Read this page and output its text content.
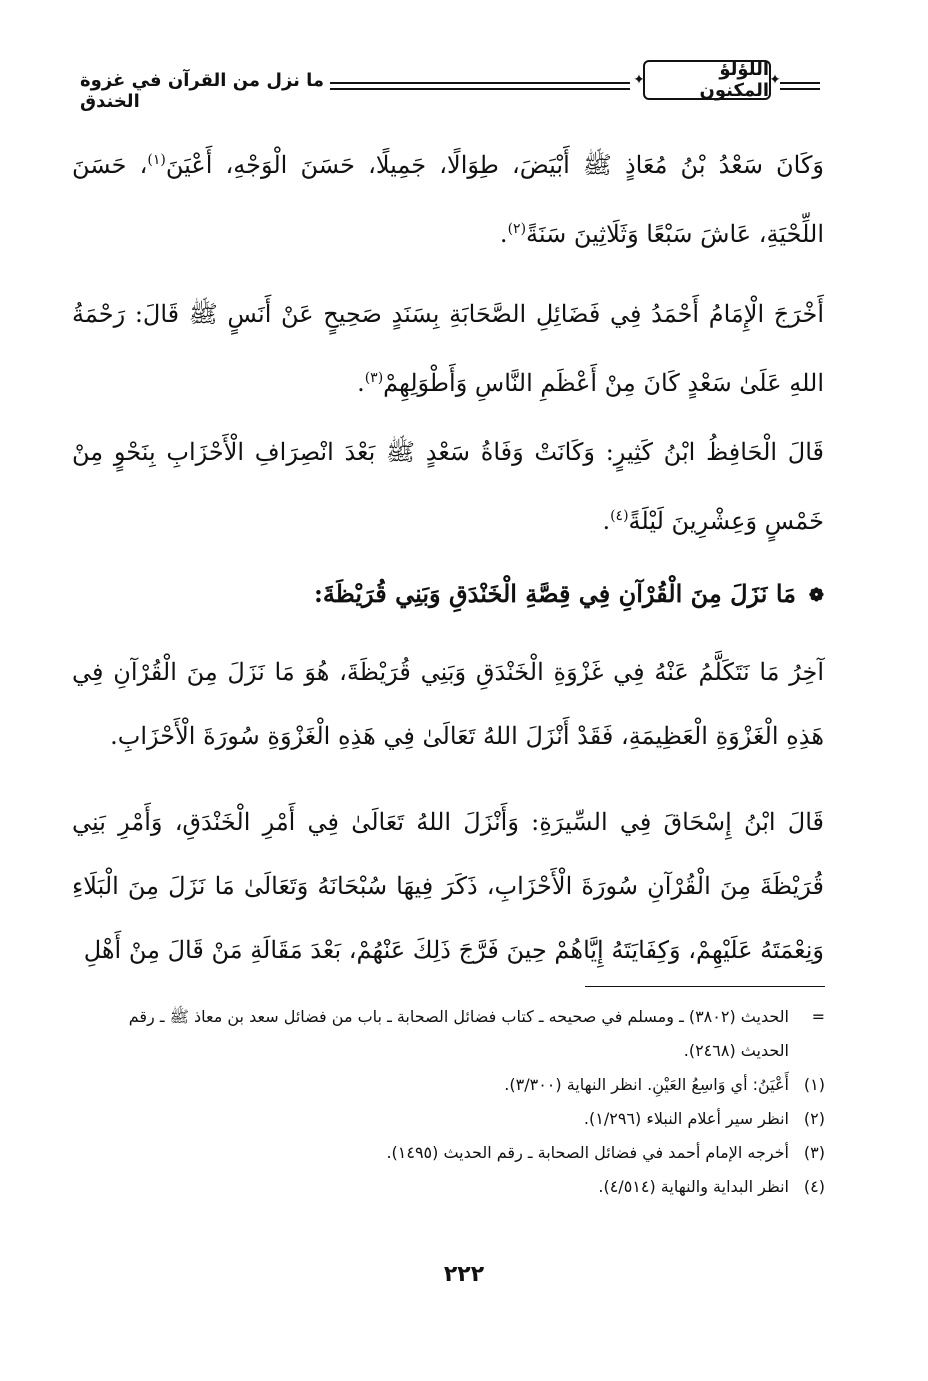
✦
اللؤلؤ المكنون
✦
ما نزل من القرآن في غزوة الخندق
وَكَانَ سَعْدُ بْنُ مُعَاذٍ ﷺ أَبْيَضَ، طِوَالًا، جَمِيلًا، حَسَنَ الْوَجْهِ، أَعْيَنَ$^{(١)}$، حَسَنَ اللِّحْيَةِ، عَاشَ سَبْعًا وَثَلَاثِينَ سَنَةً$^{(٢)}$.
أَخْرَجَ الْإِمَامُ أَحْمَدُ فِي فَضَائِلِ الصَّحَابَةِ بِسَنَدٍ صَحِيحٍ عَنْ أَنَسٍ ﷺ قَالَ: رَحْمَةُ اللهِ عَلَىٰ سَعْدٍ كَانَ مِنْ أَعْظَمِ النَّاسِ وَأَطْوَلِهِمْ$^{(٣)}$.
قَالَ الْحَافِظُ ابْنُ كَثِيرٍ: وَكَانَتْ وَفَاةُ سَعْدٍ ﷺ بَعْدَ انْصِرَافِ الْأَحْزَابِ بِنَحْوٍ مِنْ خَمْسٍ وَعِشْرِينَ لَيْلَةً$^{(٤)}$.
❁مَا نَزَلَ مِنَ الْقُرْآنِ فِي قِصَّةِ الْخَنْدَقِ وَبَنِي قُرَيْظَةَ:
آخِرُ مَا نَتَكَلَّمُ عَنْهُ فِي غَزْوَةِ الْخَنْدَقِ وَبَنِي قُرَيْظَةَ، هُوَ مَا نَزَلَ مِنَ الْقُرْآنِ فِي هَذِهِ الْغَزْوَةِ الْعَظِيمَةِ، فَقَدْ أَنْزَلَ اللهُ تَعَالَىٰ فِي هَذِهِ الْغَزْوَةِ سُورَةَ الْأَحْزَابِ.
قَالَ ابْنُ إِسْحَاقَ فِي السِّيرَةِ: وَأَنْزَلَ اللهُ تَعَالَىٰ فِي أَمْرِ الْخَنْدَقِ، وَأَمْرِ بَنِي قُرَيْظَةَ مِنَ الْقُرْآنِ سُورَةَ الْأَحْزَابِ، ذَكَرَ فِيهَا سُبْحَانَهُ وَتَعَالَىٰ مَا نَزَلَ مِنَ الْبَلَاءِ وَنِعْمَتَهُ عَلَيْهِمْ، وَكِفَايَتَهُ إِيَّاهُمْ حِينَ فَرَّجَ ذَلِكَ عَنْهُمْ، بَعْدَ مَقَالَةِ مَنْ قَالَ مِنْ أَهْلِ
=
الحديث (٣٨٠٢) ـ ومسلم في صحيحه ـ كتاب فضائل الصحابة ـ باب من فضائل سعد بن معاذ ﷺ ـ رقم الحديث (٢٤٦٨).
(١)
أَعْيَنُ: أي وَاسِعُ العَيْنِ. انظر النهاية (٣/٣٠٠).
(٢)
انظر سير أعلام النبلاء (١/٢٩٦).
(٣)
أخرجه الإمام أحمد في فضائل الصحابة ـ رقم الحديث (١٤٩٥).
(٤)
انظر البداية والنهاية (٤/٥١٤).
٢٢٢
